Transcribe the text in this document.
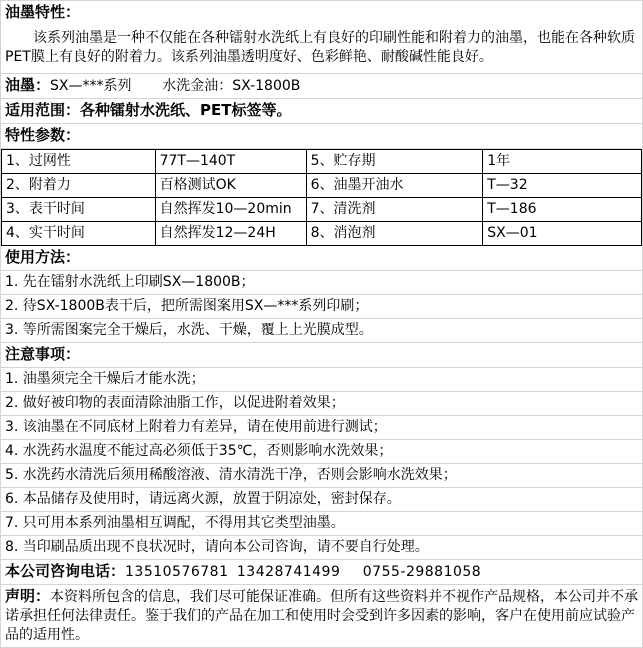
油墨特性：
该系列油墨是一种不仅能在各种镭射水洗纸上有良好的印刷性能和附着力的油墨，也能在各种软质PET膜上有良好的附着力。该系列油墨透明度好、色彩鲜艳、耐酸碱性能良好。
油墨：SX—***系列 水洗金油：SX-1800B
适用范围：各种镭射水洗纸、PET标签等。
特性参数：
1、过网性	77T—140T	5、贮存期	1年
2、附着力	百格测试OK	6、油墨开油水	T—32
3、表干时间	自然挥发10—20min	7、清洗剂	T—186
4、实干时间	自然挥发12—24H	8、消泡剂	SX—01
使用方法：
1. 先在镭射水洗纸上印刷SX—1800B；
2. 待SX-1800B表干后，把所需图案用SX—***系列印刷；
3. 等所需图案完全干燥后，水洗、干燥，覆上上光膜成型。
注意事项：
1. 油墨须完全干燥后才能水洗；
2. 做好被印物的表面清除油脂工作，以促进附着效果；
3. 该油墨在不同底材上附着力有差异，请在使用前进行测试；
4. 水洗药水温度不能过高必须低于35℃，否则影响水洗效果；
5. 水洗药水清洗后须用稀酸溶液、清水清洗干净，否则会影响水洗效果；
6. 本品储存及使用时，请远离火源，放置于阴凉处，密封保存。
7. 只可用本系列油墨相互调配，不得用其它类型油墨。
8. 当印刷品质出现不良状况时，请向本公司咨询，请不要自行处理。
本公司咨询电话：13510576781 13428741499 0755-29881058
声明：本资料所包含的信息，我们尽可能保证准确。但所有这些资料并不视作产品规格，本公司并不承诺承担任何法律责任。鉴于我们的产品在加工和使用时会受到许多因素的影响，客户在使用前应试验产品的适用性。
